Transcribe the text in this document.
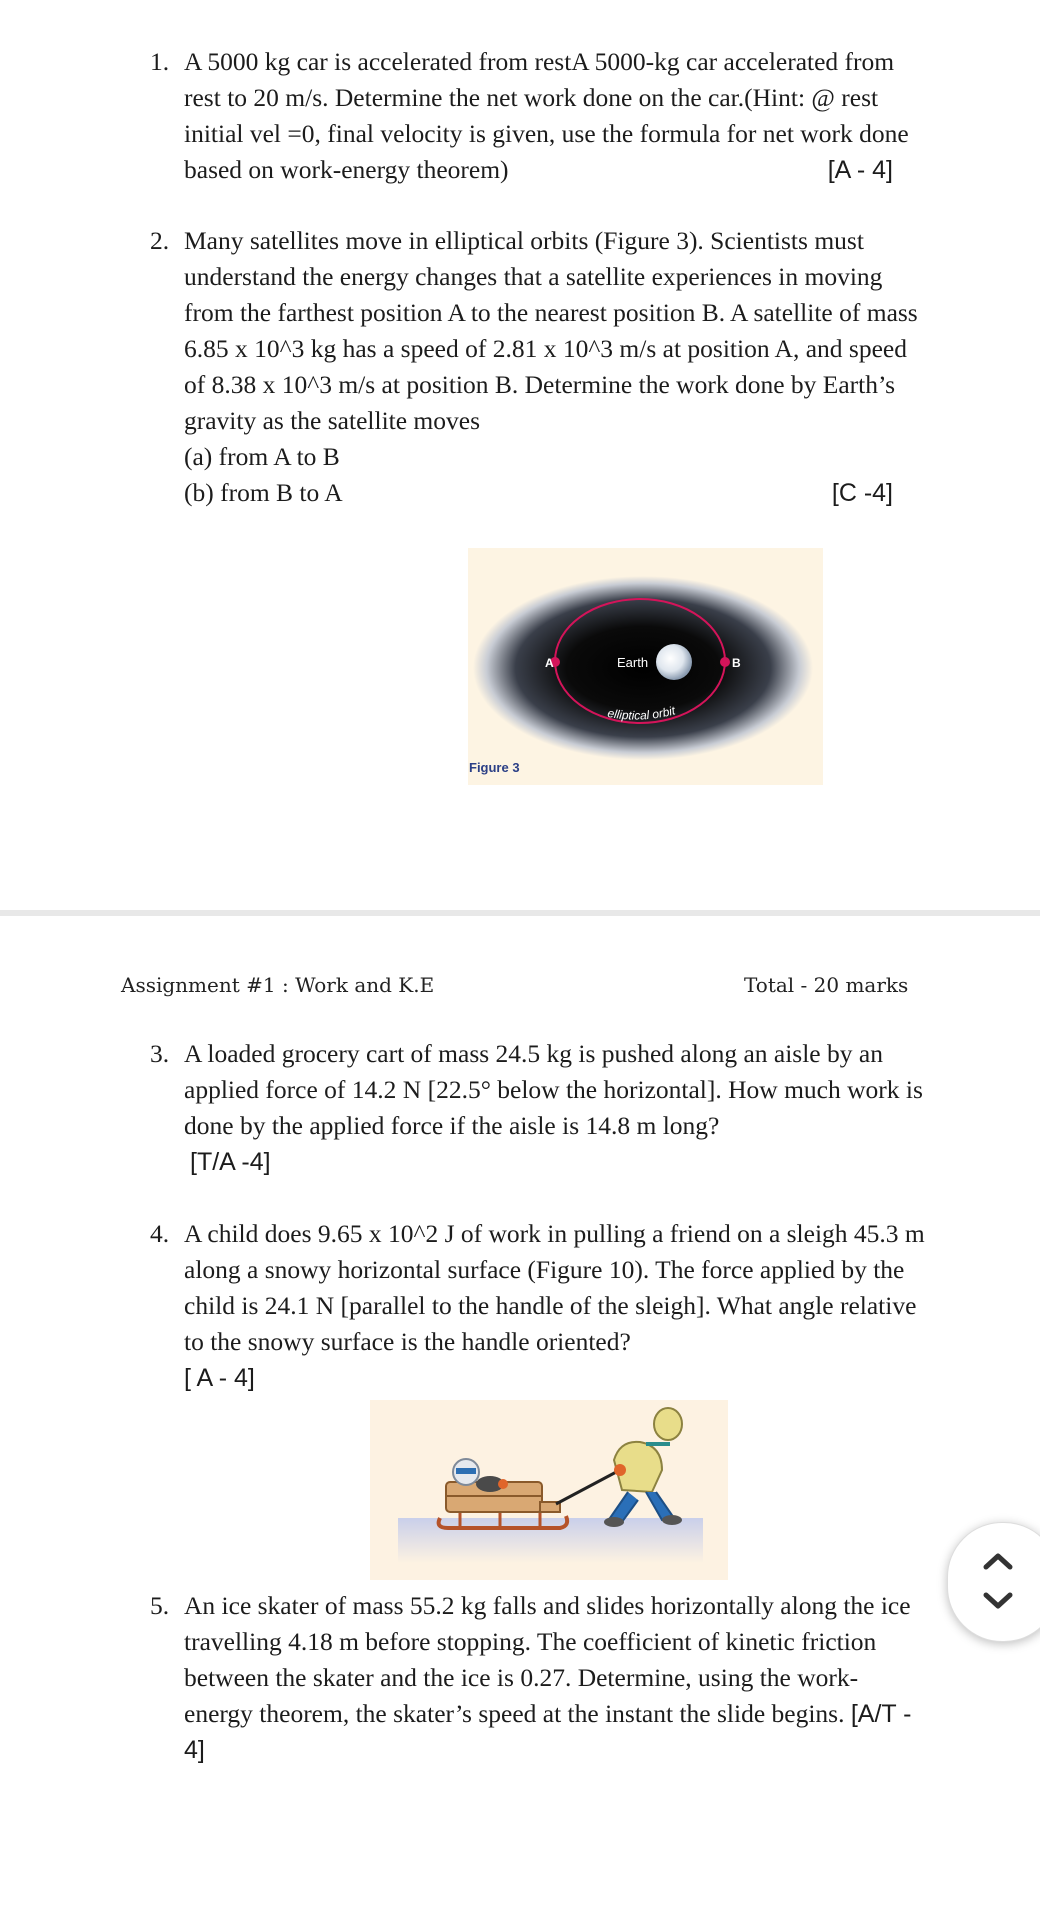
1. A 5000 kg car is accelerated from restA 5000-kg car accelerated from rest to 20 m/s. Determine the net work done on the car.(Hint: @ rest initial vel =0, final velocity is given, use the formula for net work done based on work-energy theorem)	[A - 4]
2. Many satellites move in elliptical orbits (Figure 3). Scientists must understand the energy changes that a satellite experiences in moving from the farthest position A to the nearest position B. A satellite of mass 6.85 x 10^3 kg has a speed of 2.81 x 10^3 m/s at position A, and speed of 8.38 x 10^3 m/s at position B. Determine the work done by Earth’s gravity as the satellite moves

(a) from A to B

(b) from B to A	[C -4]
A	B
Earth
elliptical orbit
Figure 3
Assignment #1 : Work and K.E	Total - 20 marks
3. A loaded grocery cart of mass 24.5 kg is pushed along an aisle by an applied force of 14.2 N [22.5° below the horizontal]. How much work is done by the applied force if the aisle is 14.8 m long?

[T/A -4]

4. A child does 9.65 x 10^2 J of work in pulling a friend on a sleigh 45.3 m along a snowy horizontal surface (Figure 10). The force applied by the child is 24.1 N [parallel to the handle of the sleigh]. What angle relative to the snowy surface is the handle oriented?

[ A - 4]

5. An ice skater of mass 55.2 kg falls and slides horizontally along the ice travelling 4.18 m before stopping. The coefficient of kinetic friction between the skater and the ice is 0.27. Determine, using the work-energy theorem, the skater’s speed at the instant the slide begins. [A/T - 4]
